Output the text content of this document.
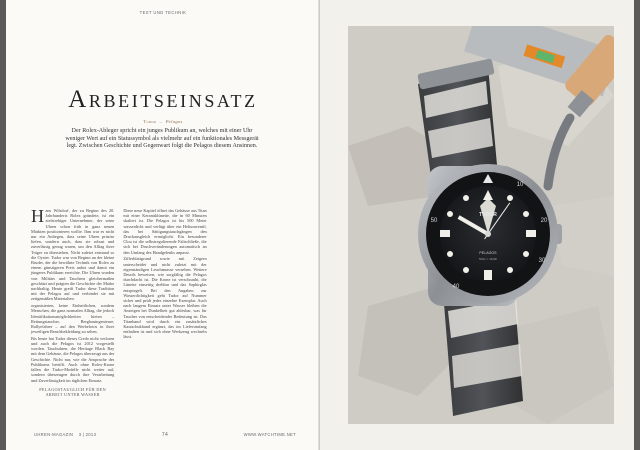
TEST UND TECHNIK
Arbeitseinsatz
Tudor – Pelagos
Der Rolex-Ableger spricht ein junges Publikum an, welches mit einer Uhr weniger Wert auf ein Statussymbol als vielmehr auf ein funktionales Messgerät legt. Zwischen Geschichte und Gegenwart folgt die Pelagos diesem Ansinnen.

Hans Wilsdorf, der zu Beginn des 20. Jahrhunderts Rolex gründete, ist ein zielstrebiger Unternehmer, der seine Uhren schon früh in ganz neuen Märkten positionieren wollte. Ihm war es nicht nur ein Anliegen, dass seine Uhren präzise liefen, sondern auch, dass sie robust und zuverlässig genug waren, um den Alltag ihrer Träger zu überstehen. Nicht zuletzt entstand so die Oyster. Tudor war von Beginn an der kleine Bruder, der die bewährte Technik von Rolex zu einem günstigeren Preis anbot und damit ein jüngeres Publikum erreichte. Die Uhren wurden von Militärs und Tauchern gleichermaßen geschätzt und prägten die Geschichte der Marke nachhaltig. Heute greift Tudor diese Tradition mit der Pelagos auf und verbindet sie mit zeitgemäßen Materialien.

organisierten, keine Einheitlichen, sondern Menschen, die ganz normalen Alltag, die jedoch Identifikationsmöglichkeiten bieten – Rettungstaucher, Bergbauingenieure, Rallyefahrer – auf den Werbefotos in ihrer jeweiligen Berufsbekleidung zu sehen.

Bis heute hat Tudor dieses Credo nicht verloren und auch die Pelagos ist 2012 vorgestellt worden. Tauchuhren, die Heritage Black Bay mit dem Gehäuse, die Pelagos überzeugt aus der Geschichte. Nicht nur, wie die Ansprache des Publikums betrifft. Auch ohne Rolex-Krone fallen die Tudor-Modelle nicht weiter auf, sondern überzeugen durch ihre Verarbeitung und Zuverlässigkeit im täglichen Einsatz.

PELAGOSTAUGLICH FÜR DEN ARBEIT UNTER WASSER

Diese neue Kapitel öffnet das Gehäuse aus Titan mit einer Keramiklünette, die in 60 Minuten skaliert ist. Die Pelagos ist bis 500 Meter wasserdicht und verfügt über ein Heliumventil, das bei Sättigungstauchgängen den Druckausgleich ermöglicht. Ein besonderer Clou ist die selbstregulierende Faltschließe, die sich bei Druckveränderungen automatisch an den Umfang des Handgelenks anpasst.

Zifferblattgrund sowie mit Zeigern unterscheidet und nicht zuletzt mit der eigenständigen Leuchtmasse versehen. Weitere Details beweisen, wie sorgfältig die Pelagos durchdacht ist. Die Krone ist verschraubt, die Lünette einseitig drehbar und das Saphirglas entspiegelt. Bei den Angaben zur Wasserdichtigkeit geht Tudor auf Nummer sicher und prüft jedes einzelne Exemplar. Auch nach langem Einsatz unter Wasser bleiben die Anzeigen bei Dunkelheit gut ablesbar, was für Taucher von entscheidender Bedeutung ist. Das Titanband wird durch ein zusätzliches Kautschukband ergänzt, das im Lieferumfang enthalten ist und sich ohne Werkzeug wechseln lässt.

UHREN-MAGAZIN 3 | 2013	74	WWW.WATCHTIME.NET
10
20
30
40
50
TUDOR
PELAGOS
500m = 1640ft
